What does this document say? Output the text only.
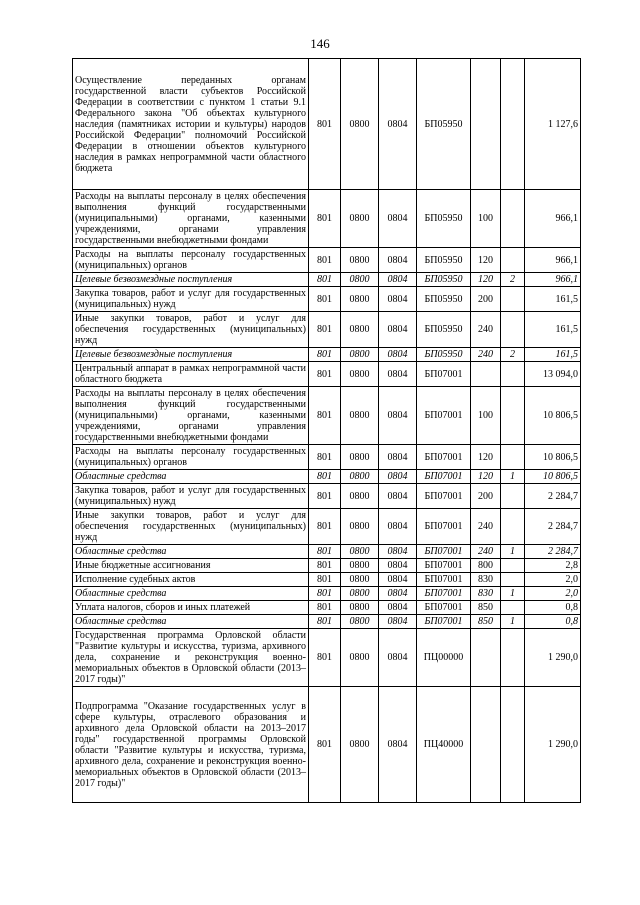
146
Осуществление переданных органам государственной власти субъектов Российской Федерации в соответствии с пунктом 1 статьи 9.1 Федерального закона "Об объектах культурного наследия (памятниках истории и культуры) народов Российской Федерации" полномочий Российской Федерации в отношении объектов культурного наследия в рамках непрограммной части областного бюджета	801	0800	0804	БП05950			1 127,6
Расходы на выплаты персоналу в целях обеспечения выполнения функций государственными (муниципальными) органами, казенными учреждениями, органами управления государственными внебюджетными фондами	801	0800	0804	БП05950	100		966,1
Расходы на выплаты персоналу государственных (муниципальных) органов	801	0800	0804	БП05950	120		966,1
Целевые безвозмездные поступления	801	0800	0804	БП05950	120	2	966,1
Закупка товаров, работ и услуг для государственных (муниципальных) нужд	801	0800	0804	БП05950	200		161,5
Иные закупки товаров, работ и услуг для обеспечения государственных (муниципальных) нужд	801	0800	0804	БП05950	240		161,5
Целевые безвозмездные поступления	801	0800	0804	БП05950	240	2	161,5
Центральный аппарат в рамках непрограммной части областного бюджета	801	0800	0804	БП07001			13 094,0
Расходы на выплаты персоналу в целях обеспечения выполнения функций государственными (муниципальными) органами, казенными учреждениями, органами управления государственными внебюджетными фондами	801	0800	0804	БП07001	100		10 806,5
Расходы на выплаты персоналу государственных (муниципальных) органов	801	0800	0804	БП07001	120		10 806,5
Областные средства	801	0800	0804	БП07001	120	1	10 806,5
Закупка товаров, работ и услуг для государственных (муниципальных) нужд	801	0800	0804	БП07001	200		2 284,7
Иные закупки товаров, работ и услуг для обеспечения государственных (муниципальных) нужд	801	0800	0804	БП07001	240		2 284,7
Областные средства	801	0800	0804	БП07001	240	1	2 284,7
Иные бюджетные ассигнования	801	0800	0804	БП07001	800		2,8
Исполнение судебных актов	801	0800	0804	БП07001	830		2,0
Областные средства	801	0800	0804	БП07001	830	1	2,0
Уплата налогов, сборов и иных платежей	801	0800	0804	БП07001	850		0,8
Областные средства	801	0800	0804	БП07001	850	1	0,8
Государственная программа Орловской области "Развитие культуры и искусства, туризма, архивного дела, сохранение и реконструкция военно-мемориальных объектов в Орловской области (2013–2017 годы)"	801	0800	0804	ПЦ00000			1 290,0
Подпрограмма "Оказание государственных услуг в сфере культуры, отраслевого образования и архивного дела Орловской области на 2013–2017 годы" государственной программы Орловской области "Развитие культуры и искусства, туризма, архивного дела, сохранение и реконструкция военно-мемориальных объектов в Орловской области (2013–2017 годы)"	801	0800	0804	ПЦ40000			1 290,0
